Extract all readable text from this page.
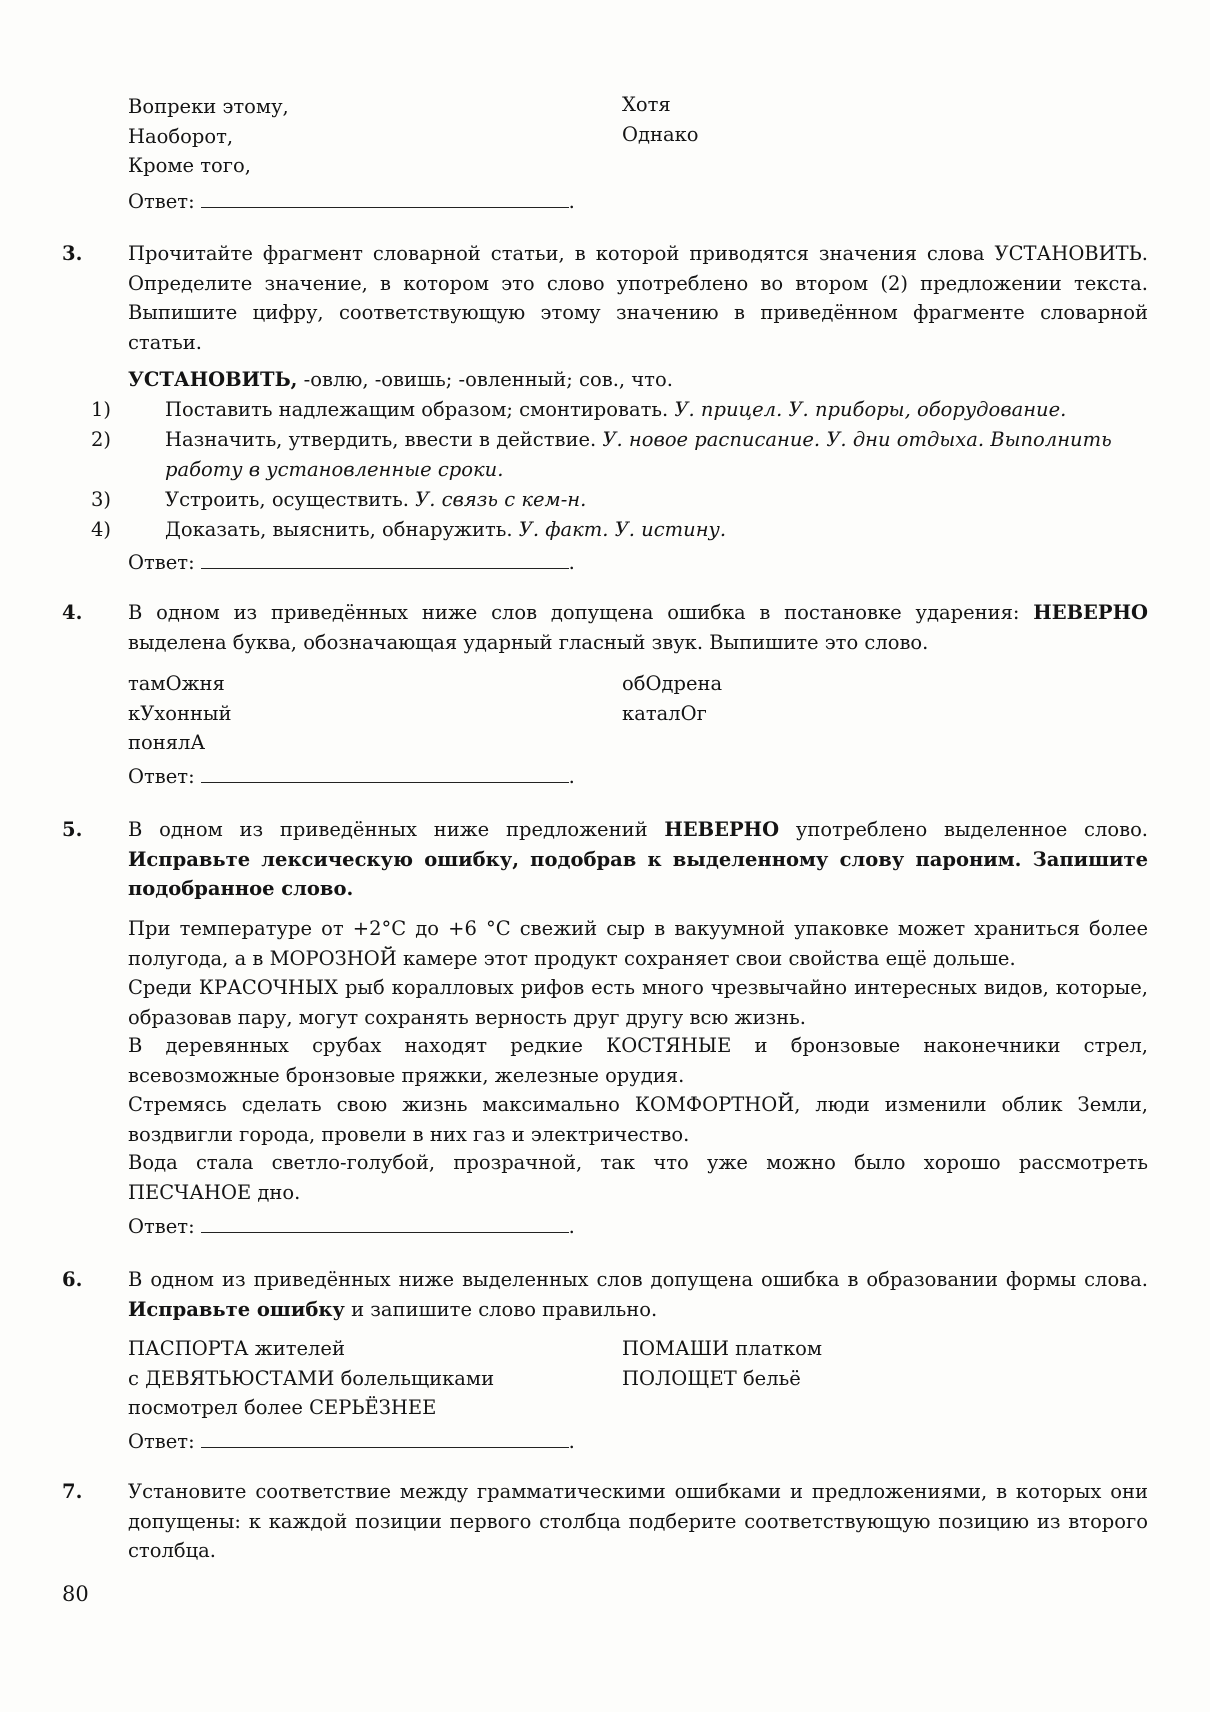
Вопреки этому,
Наоборот,
Кроме того,
Хотя
Однако
Ответ:	.
3. Прочитайте фрагмент словарной статьи, в которой приводятся значения слова УСТАНОВИТЬ. Определите значение, в котором это слово употреблено во втором (2) предложении текста. Выпишите цифру, соответствующую этому значению в приведённом фрагменте словарной статьи.
УСТАНОВИТЬ, -овлю, -овишь; -овленный; сов., что.
1)	Поставить надлежащим образом; смонтировать. У. прицел. У. приборы, оборудование.
2)	Назначить, утвердить, ввести в действие. У. новое расписание. У. дни отдыха. Выполнить работу в установленные сроки.
3)	Устроить, осуществить. У. связь с кем-н.
4)	Доказать, выяснить, обнаружить. У. факт. У. истину.
Ответ:	.
4. В одном из приведённых ниже слов допущена ошибка в постановке ударения: НЕВЕРНО выделена буква, обозначающая ударный гласный звук. Выпишите это слово.
тамОжня
кУхонный
понялА
обОдрена
каталОг
Ответ:	.
5. В одном из приведённых ниже предложений НЕВЕРНО употреблено выделенное слово. Исправьте лексическую ошибку, подобрав к выделенному слову пароним. Запишите подобранное слово.
При температуре от +2°С до +6 °С свежий сыр в вакуумной упаковке может храниться более полугода, а в МОРОЗНОЙ камере этот продукт сохраняет свои свойства ещё дольше.
Среди КРАСОЧНЫХ рыб коралловых рифов есть много чрезвычайно интересных видов, которые, образовав пару, могут сохранять верность друг другу всю жизнь.
В деревянных срубах находят редкие КОСТЯНЫЕ и бронзовые наконечники стрел, всевозможные бронзовые пряжки, железные орудия.
Стремясь сделать свою жизнь максимально КОМФОРТНОЙ, люди изменили облик Земли, воздвигли города, провели в них газ и электричество.
Вода стала светло-голубой, прозрачной, так что уже можно было хорошо рассмотреть ПЕСЧАНОЕ дно.
Ответ:	.
6. В одном из приведённых ниже выделенных слов допущена ошибка в образовании формы слова. Исправьте ошибку и запишите слово правильно.
ПАСПОРТА жителей
с ДЕВЯТЬЮСТАМИ болельщиками
посмотрел более СЕРЬЁЗНЕЕ
ПОМАШИ платком
ПОЛОЩЕТ бельё
Ответ:	.
7. Установите соответствие между грамматическими ошибками и предложениями, в которых они допущены: к каждой позиции первого столбца подберите соответствующую позицию из второго столбца.
80
